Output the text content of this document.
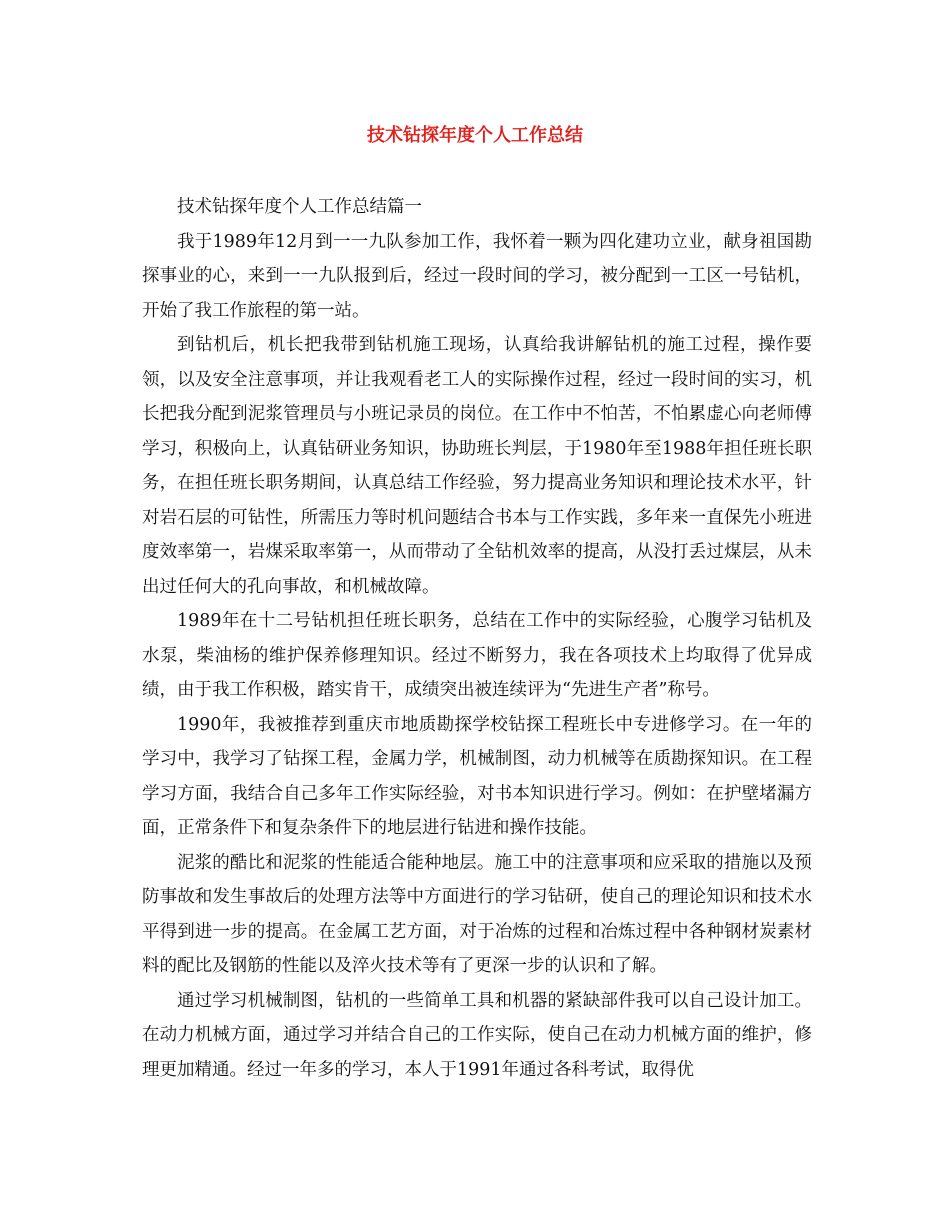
技术钻探年度个人工作总结

技术钻探年度个人工作总结篇一

我于1989年12月到一一九队参加工作，我怀着一颗为四化建功立业，献身祖国勘探事业的心，来到一一九队报到后，经过一段时间的学习，被分配到一工区一号钻机，开始了我工作旅程的第一站。

到钻机后，机长把我带到钻机施工现场，认真给我讲解钻机的施工过程，操作要领，以及安全注意事项，并让我观看老工人的实际操作过程，经过一段时间的实习，机长把我分配到泥浆管理员与小班记录员的岗位。在工作中不怕苦，不怕累虚心向老师傅学习，积极向上，认真钻研业务知识，协助班长判层，于1980年至1988年担任班长职务，在担任班长职务期间，认真总结工作经验，努力提高业务知识和理论技术水平，针对岩石层的可钻性，所需压力等时机问题结合书本与工作实践，多年来一直保先小班进度效率第一，岩煤采取率第一，从而带动了全钻机效率的提高，从没打丢过煤层，从未出过任何大的孔向事故，和机械故障。

1989年在十二号钻机担任班长职务，总结在工作中的实际经验，心腹学习钻机及水泵，柴油杨的维护保养修理知识。经过不断努力，我在各项技术上均取得了优异成绩，由于我工作积极，踏实肯干，成绩突出被连续评为“先进生产者”称号。

1990年，我被推荐到重庆市地质勘探学校钻探工程班长中专进修学习。在一年的学习中，我学习了钻探工程，金属力学，机械制图，动力机械等在质勘探知识。在工程学习方面，我结合自己多年工作实际经验，对书本知识进行学习。例如：在护壁堵漏方面，正常条件下和复杂条件下的地层进行钻进和操作技能。

泥浆的酷比和泥浆的性能适合能种地层。施工中的注意事项和应采取的措施以及预防事故和发生事故后的处理方法等中方面进行的学习钻研，使自己的理论知识和技术水平得到进一步的提高。在金属工艺方面，对于冶炼的过程和冶炼过程中各种钢材炭素材料的配比及钢筋的性能以及淬火技术等有了更深一步的认识和了解。

通过学习机械制图，钻机的一些简单工具和机器的紧缺部件我可以自己设计加工。在动力机械方面，通过学习并结合自己的工作实际，使自己在动力机械方面的维护，修理更加精通。经过一年多的学习，本人于1991年通过各科考试，取得优
